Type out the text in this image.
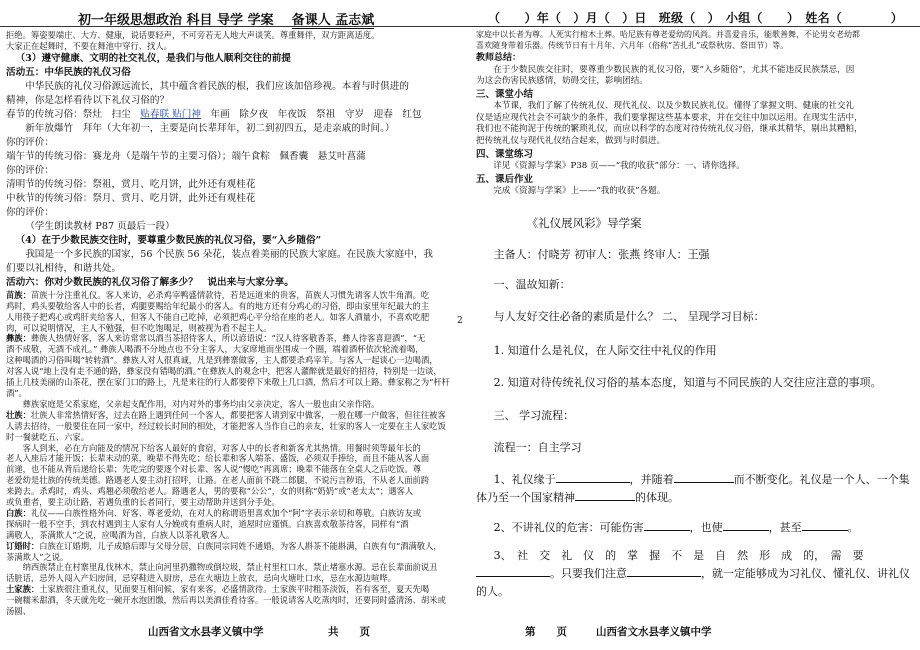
初一年级思想政治 科目 导学 学案 备课人 孟志斌	（　　）年（　）月（　）日　班级（　）　小组（　　）　姓名（　　　　）

拒绝。筹姿要端庄、大方、健康，说话要轻声，不可旁若无人地大声谈笑。尊重舞伴，双方距离适度。

大家正在起舞时，不要在舞池中穿行、找人。

（3）遵守健康、文明的社交礼仪，是我们与他人顺利交往的前提

活动五：中华民族的礼仪习俗

中华民族的礼仪习俗源远流长，其中蕴含着民族的根，我们应该加倍珍视。本着与时俱进的

精神，你是怎样看待以下礼仪习俗的？

春节的传统习俗：祭灶　扫尘　贴春联 贴门神　年画　除夕夜　年夜饭　祭祖　守岁　迎春　红包

新年放爆竹　拜年（大年初一，主要是向长辈拜年，初二到初四五，是走亲戚的时间。）

你的评价：

端午节的传统习俗：赛龙舟（是端午节的主要习俗）；端午食粽　佩香囊　悬艾叶菖蒲

你的评价：

清明节的传统习俗：祭祖，赏月、吃月饼，此外还有观桂花

中秋节的传统习俗：祭月、赏月、吃月饼，此外还有观桂花

你的评价：

（学生朗读教材 P87 页最后一段）

（4）在于少数民族交往时，要尊重少数民族的礼仪习俗，要“入乡随俗”

我国是一个多民族的国家，56 个民族 56 朵花，装点着美丽的民族大家庭。在民族大家庭中，我

们要以礼相待，和谐共处。

活动六：你对少数民族的礼仪习俗了解多少？　说出来与大家分享。

苗族：苗族十分注重礼仪。客人来访，必杀鸡宰鸭盛情款待，若是远道来的贵客，苗族人习惯先请客人饮牛角酒。吃

鸡时，鸡头要敬给客人中的长者，鸡腿要赐给年纪最小的客人。有的地方还有分鸡心的习俗，即由家里年纪最大的主

人用筷子把鸡心或鸡肝夹给客人，但客人不能自己吃掉，必须把鸡心平分给在座的老人。如客人酒量小，不喜欢吃肥

肉，可以说明情况，主人不勉强，但不吃饱喝足，则被视为看不起主人。

彝族：彝族人热情好客，客人来访常常以酒当茶招待客人，所以谚语说：“汉人待客敬香茶，彝人待客喜迎酒”，“无

酒不成敬，无酒不成礼。” 彝族人喝酒不分地点也不分主客人，大家席地而坐围成一个圈，端着酒杯依次轮流着喝，

这种喝酒的习俗叫喝“转转酒”。彝族人对人很真诚，凡是到彝寨做客，主人都要杀鸡宰羊。与客人一起谈心一边喝酒，

对客人说“地上没有走不通的路，彝家没有错喝的酒。”在彝族人的观念中，把客人灌醉就是最好的招待，特别是一边谈，

插上几枝美丽的山茶花，摆在家门口的路上，凡是来往的行人都要停下来敬上几口酒，然后才可以上路。彝家称之为“杆杆酒”。

彝族家庭是父系家庭，父亲起支配作用，对内对外的事务均由父亲决定，客人一般也由父亲作陪。

壮族：壮族人非常热情好客，过去在路上遇到任何一个客人，都要把客人请到家中做客，一般在哪一户做客，但往往被客

人请去招待，一般要住在同一家中，经过较长时间的相处，才能把客人当作自己的亲友，壮家的客人一定要在主人家吃饭

时一餐就吃五、六家。

客人到来，必在方向能及的情况下给客人最好的食宿，对客人中的长者和新客尤其热情。用餐时须等最年长的

老人入座后才能开饭；长辈未动的菜，晚辈不得先吃；给长辈和客人端茶、盛饭，必须双手捧给，而且不能从客人面

前递，也不能从背后递给长辈；先吃完的要逐个对长辈、客人说“慢吃”再离席；晚辈不能落在全桌人之后吃饭。尊

老爱幼是壮族的传统美德。路遇老人要主动打招呼，让路。在老人面前不跷二郎腿，不说污言秽语，不从老人面前跨

来跨去。杀鸡时，鸡头、鸡翘必须敬给老人。路遇老人，男的要称“公公”，女的则称“奶奶”或“老太太”；遇客人

或负重者，要主动让路，若遇负重的长者同行，要主动帮助并送到分手处。

白族：礼仪——白族性格外向、好客、尊老爱幼，在对人的称谓语里喜欢加个“阿”字表示亲切和尊敬。白族访友或

探病时一般不空手，到农村遇到主人家有人分娩或有重病人时，道屋时应谨慎。白族喜欢敬茶待客，同样有“酒

满敬人，茶满欺人”之说，应喝酒为首，白族人以茶礼敬客人。

订婚时：白族在订婚期，儿子成婚后即与父母分居，白族同宗同姓不通婚，为客人斟茶不能斟满，白族有句“酒满敬人，

茶满欺人”之说。

纳西族禁止在村寨里乱伐林木，禁止向河里扔撒物或倒垃圾，禁止村里杠口水，禁止堵塞水源。忌在长辈面前说丑

话脏话，忌外人闯入产妇房间，忌穿鞋进入厨房，忌在火塘边上放衣，忌向火塘吐口水，忌在水源边喧哗。

土家族：土家族很注重礼仪，见面要互相问候，家有来客，必盛情款待。土家族平时粗茶淡饭，若有客至，夏天先喝

一碗糯米甜酒，冬天就先吃一碗开水泡团馓，然后再以美酒佳肴待客。一般说请客人吃蒸肉时，还要同时盛清汤、胡米或汤圆、

2

家庭中以长者为尊。人死实行棺木土葬。哈尼族有尊老爱幼的风尚。并喜爱音乐，能歌善舞，不论男女老幼都

喜欢随身带着乐器。传统节日有十月年、六月年（俗称“苦扎扎”或祭秋房、祭田节）等。

教师总结：

在于少数民族交往时，要尊重少数民族的礼仪习俗，要“入乡随俗”，尤其不能违反民族禁忌，因

为这会伤害民族感情，妨碍交往，影响团结。

三、课堂小结

本节课，我们了解了传统礼仪、现代礼仪、以及少数民族礼仪。懂得了掌握文明、健康的社交礼

仪是适应现代社会不可缺少的条件，我们要掌握这些基本要求，并在交往中加以运用。在现实生活中，

我们也不能拘泥于传统的繁琐礼仪，而应以科学的态度对待传统礼仪习俗，继承其精华，剔出其糟粕，

把传统礼仪与现代礼仪结合起来，做到与时俱进。

四、课堂练习

详见《资源与学案》P38 页——“我的收获”部分：一、请你选择。

五、课后作业

完成《资源与学案》上——“我的收获”各题。

《礼仪展风彩》导学案

主备人：付晓芳 初审人：张燕 终审人：王强

一、温故知新：

与人友好交往必备的素质是什么？ 二、 呈现学习目标：

1. 知道什么是礼仪，在人际交往中礼仪的作用

2. 知道对待传统礼仪习俗的基本态度，知道与不同民族的人交往应注意的事项。

三、 学习流程：

流程一：自主学习

1、礼仪缘于	，并随着	而不断变化。礼仪是一个人、一个集体乃至一个国家精神	的体现。

2、不讲礼仪的危害：可能伤害	，也使	，甚至	。

3、　社　交　礼　仪　的　掌　握　不　是　自　然　形　成　的，　需　要。只要我们注意	，就一定能够成为习礼仪、懂礼仪、讲礼仪的人。

山西省文水县孝义镇中学	共　　页	第　　页	山西省文水县孝义镇中学
